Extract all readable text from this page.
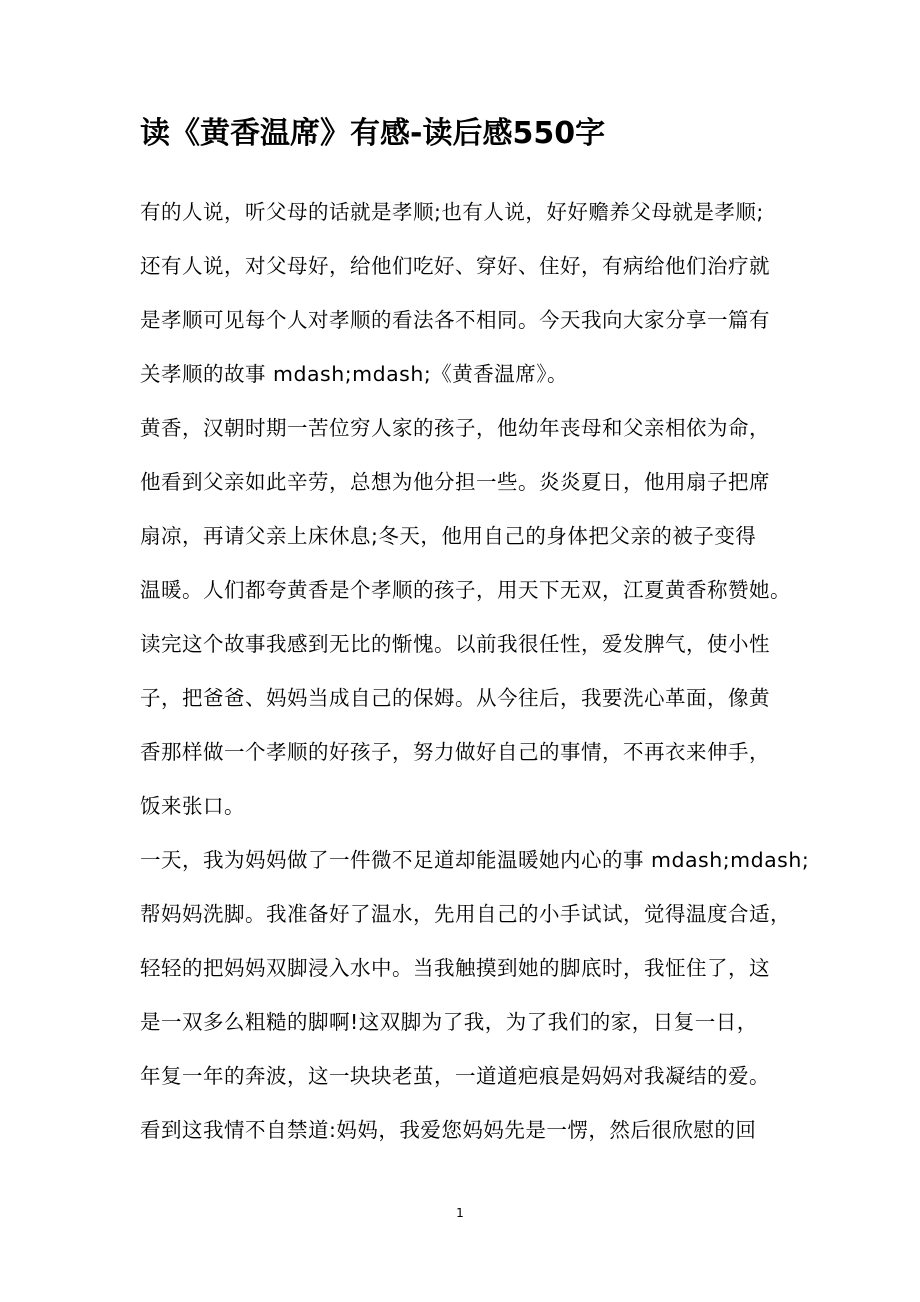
读《黄香温席》有感-读后感550字
有的人说，听父母的话就是孝顺;也有人说，好好赡养父母就是孝顺;
还有人说，对父母好，给他们吃好、穿好、住好，有病给他们治疗就
是孝顺可见每个人对孝顺的看法各不相同。今天我向大家分享一篇有
关孝顺的故事 mdash;mdash;《黄香温席》。
黄香，汉朝时期一苦位穷人家的孩子，他幼年丧母和父亲相依为命，
他看到父亲如此辛劳，总想为他分担一些。炎炎夏日，他用扇子把席
扇凉，再请父亲上床休息;冬天，他用自己的身体把父亲的被子变得
温暖。人们都夸黄香是个孝顺的孩子，用天下无双，江夏黄香称赞她。
读完这个故事我感到无比的惭愧。以前我很任性，爱发脾气，使小性
子，把爸爸、妈妈当成自己的保姆。从今往后，我要洗心革面，像黄
香那样做一个孝顺的好孩子，努力做好自己的事情，不再衣来伸手，
饭来张口。
一天，我为妈妈做了一件微不足道却能温暖她内心的事 mdash;mdash;
帮妈妈洗脚。我准备好了温水，先用自己的小手试试，觉得温度合适，
轻轻的把妈妈双脚浸入水中。当我触摸到她的脚底时，我怔住了，这
是一双多么粗糙的脚啊!这双脚为了我，为了我们的家，日复一日，
年复一年的奔波，这一块块老茧，一道道疤痕是妈妈对我凝结的爱。
看到这我情不自禁道:妈妈，我爱您妈妈先是一愣，然后很欣慰的回
1
